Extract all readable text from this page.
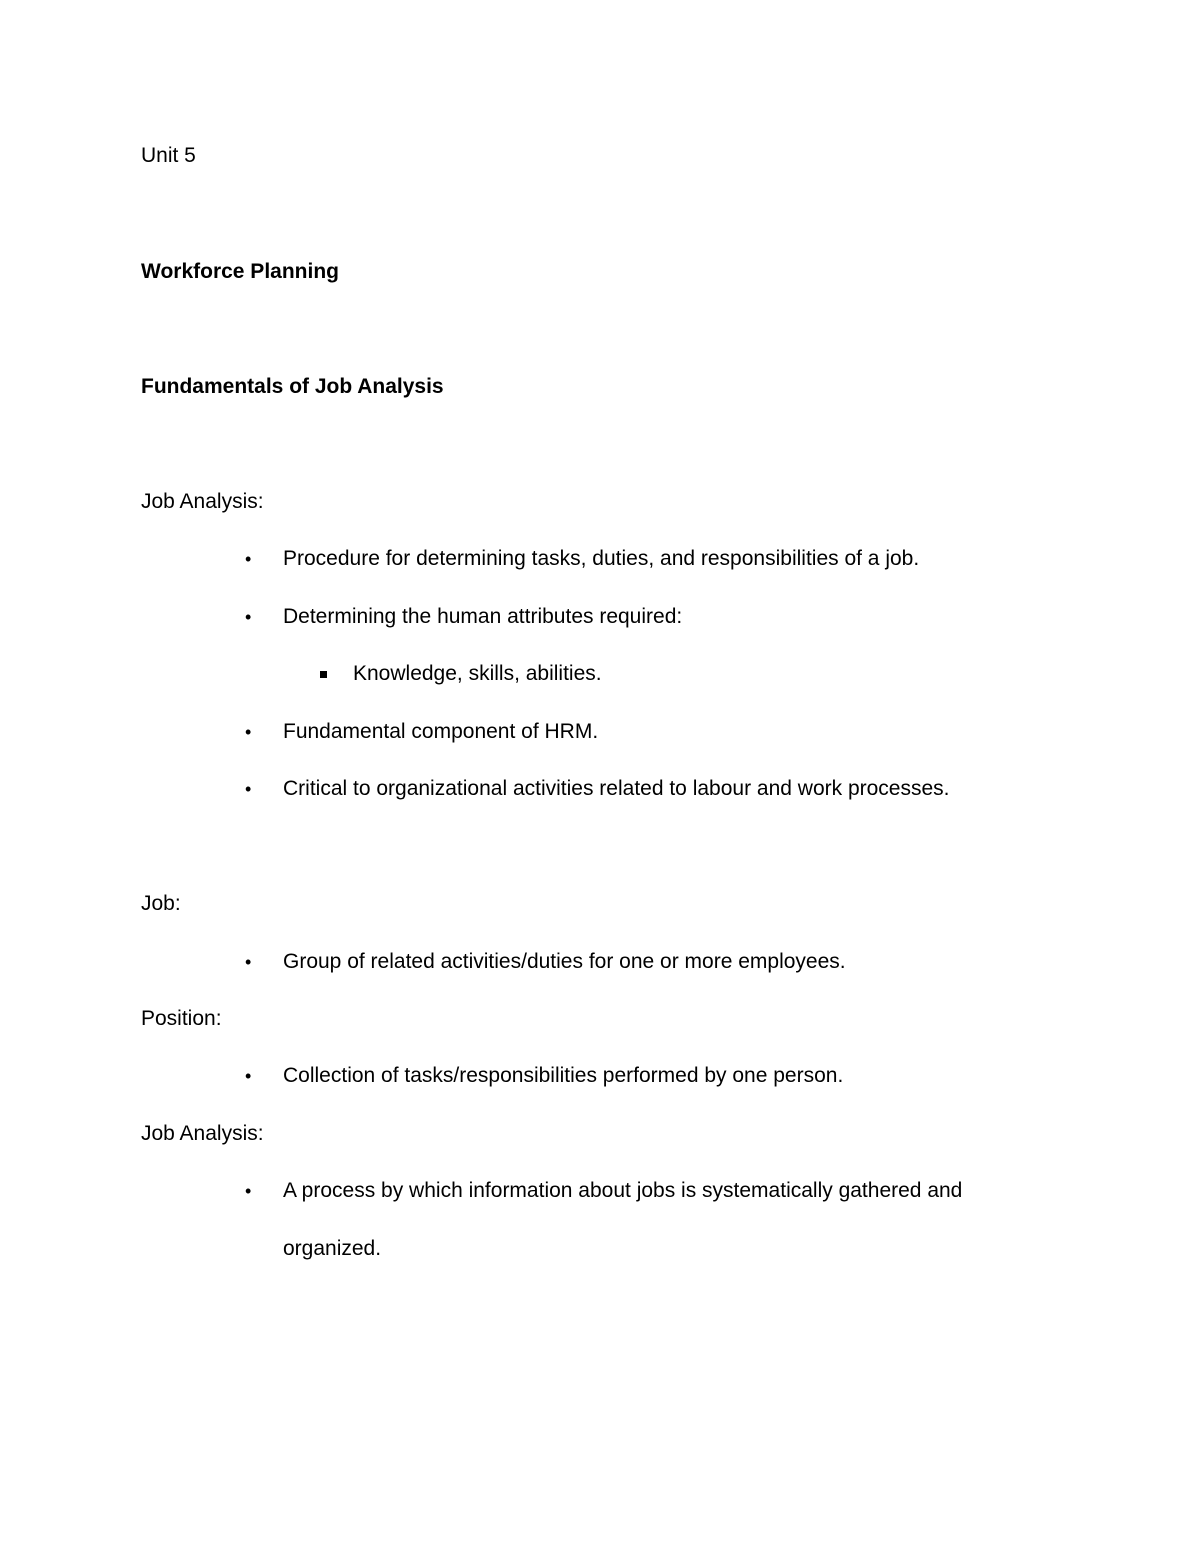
Unit 5
Workforce Planning
Fundamentals of Job Analysis
Job Analysis:
• Procedure for determining tasks, duties, and responsibilities of a job.
• Determining the human attributes required:
Knowledge, skills, abilities.
• Fundamental component of HRM.
• Critical to organizational activities related to labour and work processes.
Job:
• Group of related activities/duties for one or more employees.
Position:
• Collection of tasks/responsibilities performed by one person.
Job Analysis:
• A process by which information about jobs is systematically gathered and
organized.
